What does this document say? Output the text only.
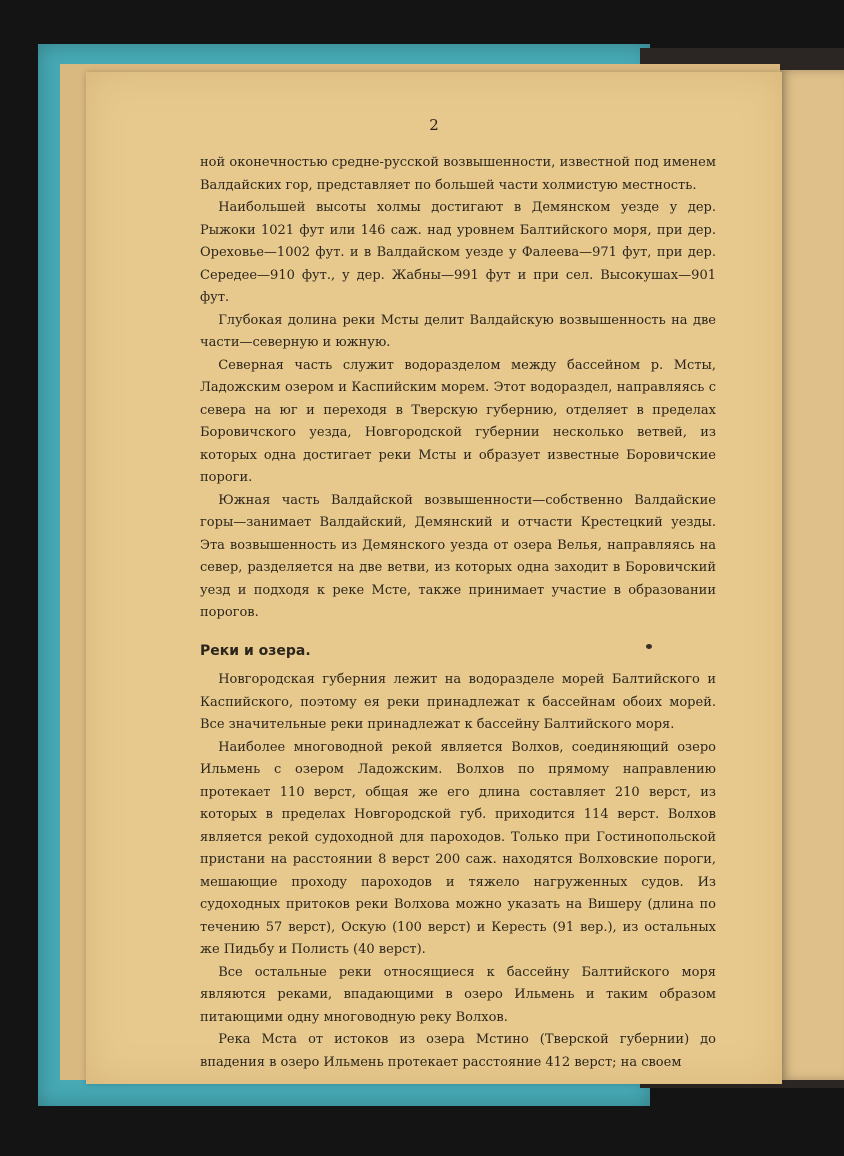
2

ной оконечностью средне-русской возвышенности, известной под именем Валдайских гор, представляет по большей части холмистую местность.

Наибольшей высоты холмы достигают в Демянском уезде у дер. Рыжоки 1021 фут или 146 саж. над уровнем Балтийского моря, при дер. Ореховье—1002 фут. и в Валдайском уезде у Фалеева—971 фут, при дер. Середее—910 фут., у дер. Жабны—991 фут и при сел. Высокушах—901 фут.

Глубокая долина реки Мсты делит Валдайскую возвышенность на две части—северную и южную.

Северная часть служит водоразделом между бассейном р. Мсты, Ладожским озером и Каспийским морем. Этот водораздел, направляясь с севера на юг и переходя в Тверскую губернию, отделяет в пределах Боровичского уезда, Новгородской губернии несколько ветвей, из которых одна достигает реки Мсты и образует известные Боровичские пороги.

Южная часть Валдайской возвышенности—собственно Валдайские горы—занимает Валдайский, Демянский и отчасти Крестецкий уезды. Эта возвышенность из Демянского уезда от озера Велья, направляясь на север, разделяется на две ветви, из которых одна заходит в Боровичский уезд и подходя к реке Мсте, также принимает участие в образовании порогов.

Реки и озера.

Новгородская губерния лежит на водоразделе морей Балтийского и Каспийского, поэтому ея реки принадлежат к бассейнам обоих морей. Все значительные реки принадлежат к бассейну Балтийского моря.

Наиболее многоводной рекой является Волхов, соединяющий озеро Ильмень с озером Ладожским. Волхов по прямому направлению протекает 110 верст, общая же его длина составляет 210 верст, из которых в пределах Новгородской губ. приходится 114 верст. Волхов является рекой судоходной для пароходов. Только при Гостинопольской пристани на расстоянии 8 верст 200 саж. находятся Волховские пороги, мешающие проходу пароходов и тяжело нагруженных судов. Из судоходных притоков реки Волхова можно указать на Вишеру (длина по течению 57 верст), Оскую (100 верст) и Кересть (91 вер.), из остальных же Пидьбу и Полисть (40 верст).

Все остальные реки относящиеся к бассейну Балтийского моря являются реками, впадающими в озеро Ильмень и таким образом питающими одну многоводную реку Волхов.

Река Мста от истоков из озера Мстино (Тверской губернии) до впадения в озеро Ильмень протекает расстояние 412 верст; на своем
